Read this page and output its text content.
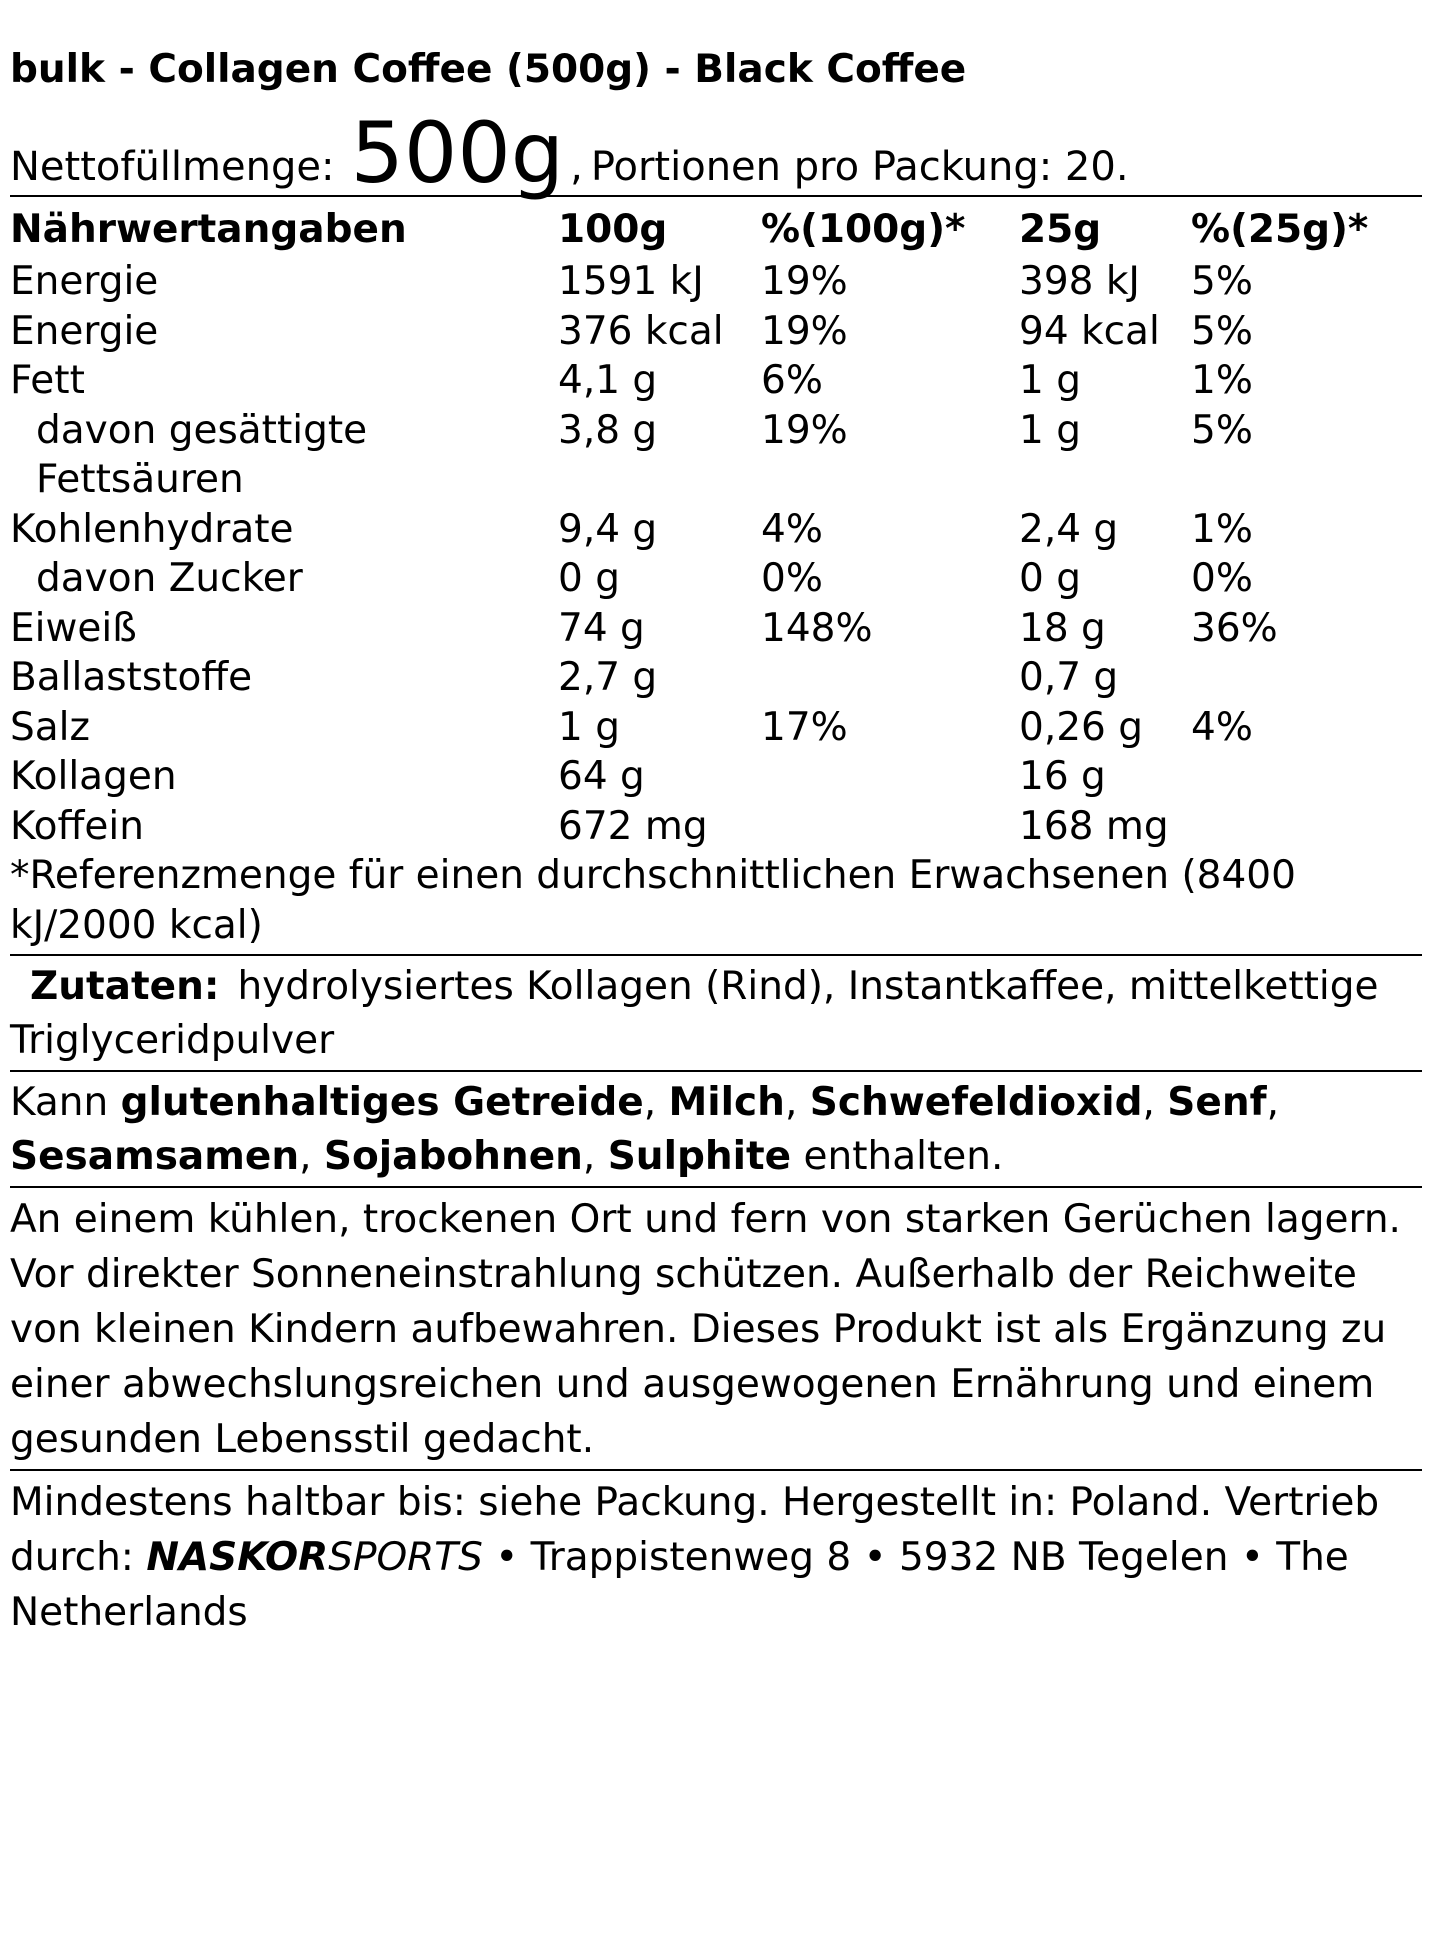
bulk - Collagen Coffee (500g) - Black Coffee
Nettofüllmenge: 500g , Portionen pro Packung: 20.
Nährwertangaben	100g	%(100g)*	25g	%(25g)*
Energie	1591 kJ	19%	398 kJ	5%
Energie	376 kcal	19%	94 kcal	5%
Fett	4,1 g	6%	1 g	1%
davon gesättigte Fettsäuren	3,8 g	19%	1 g	5%
Kohlenhydrate	9,4 g	4%	2,4 g	1%
davon Zucker	0 g	0%	0 g	0%
Eiweiß	74 g	148%	18 g	36%
Ballaststoffe	2,7 g		0,7 g	
Salz	1 g	17%	0,26 g	4%
Kollagen	64 g		16 g	
Koffein	672 mg		168 mg	
*Referenzmenge für einen durchschnittlichen Erwachsenen (8400 kJ/2000 kcal)
Zutaten: hydrolysiertes Kollagen (Rind), Instantkaffee, mittelkettige Triglyceridpulver
Kann glutenhaltiges Getreide, Milch, Schwefeldioxid, Senf, Sesamsamen, Sojabohnen, Sulphite enthalten.
An einem kühlen, trockenen Ort und fern von starken Gerüchen lagern. Vor direkter Sonneneinstrahlung schützen. Außerhalb der Reichweite von kleinen Kindern aufbewahren. Dieses Produkt ist als Ergänzung zu einer abwechslungsreichen und ausgewogenen Ernährung und einem gesunden Lebensstil gedacht.
Mindestens haltbar bis: siehe Packung. Hergestellt in: Poland. Vertrieb durch: NASKORSPORTS • Trappistenweg 8 • 5932 NB Tegelen • The Netherlands
